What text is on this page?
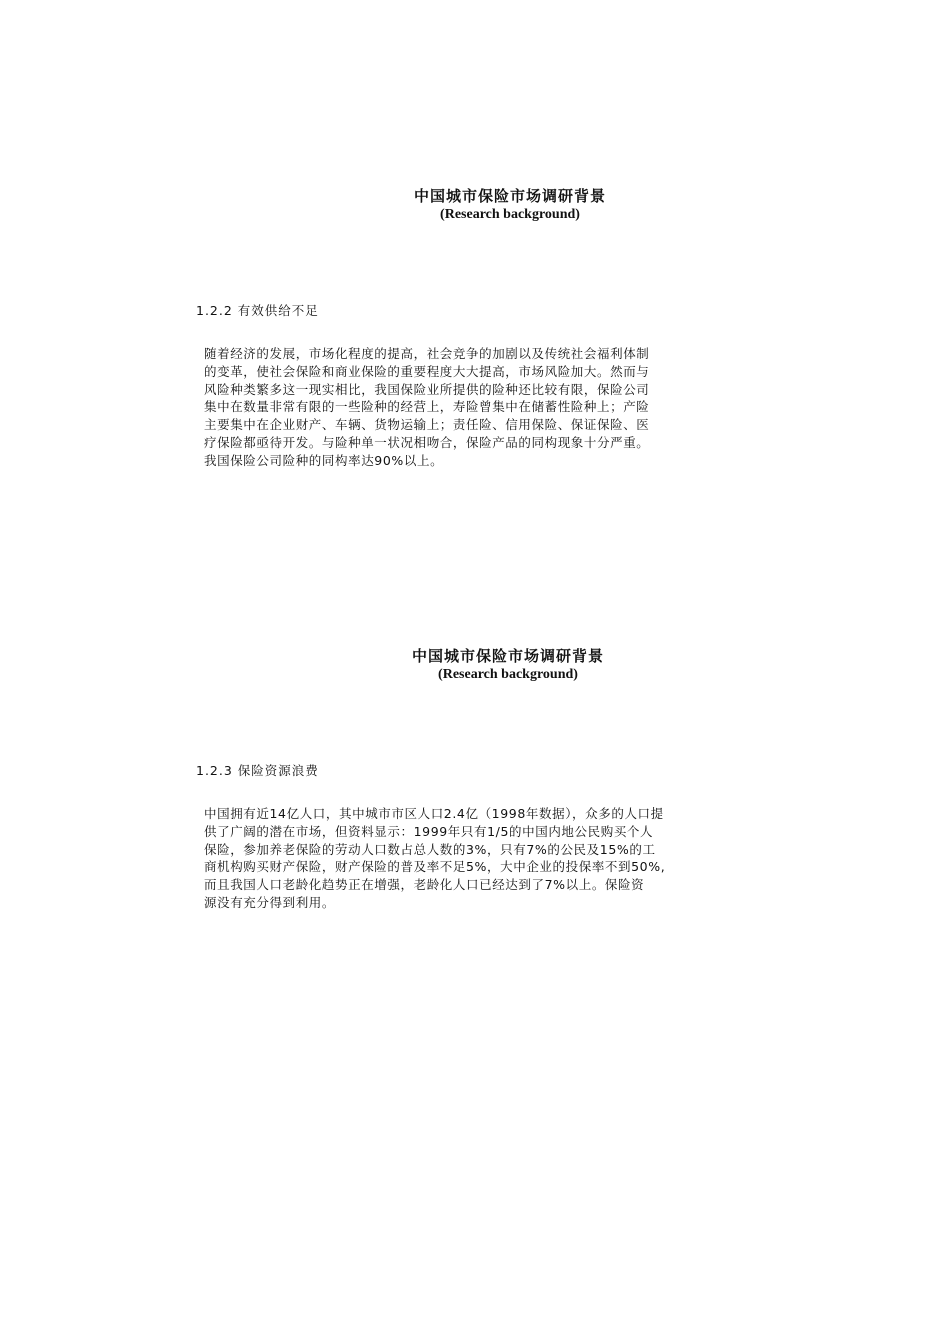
中国城市保险市场调研背景
(Research background)
1.2.2 有效供给不足
随着经济的发展，市场化程度的提高，社会竞争的加剧以及传统社会福利体制
的变革，使社会保险和商业保险的重要程度大大提高，市场风险加大。然而与
风险种类繁多这一现实相比，我国保险业所提供的险种还比较有限，保险公司
集中在数量非常有限的一些险种的经营上，寿险曾集中在储蓄性险种上；产险
主要集中在企业财产、车辆、货物运输上；责任险、信用保险、保证保险、医
疗保险都亟待开发。与险种单一状况相吻合，保险产品的同构现象十分严重。
我国保险公司险种的同构率达90%以上。
中国城市保险市场调研背景
(Research background)
1.2.3 保险资源浪费
中国拥有近14亿人口，其中城市市区人口2.4亿（1998年数据），众多的人口提
供了广阔的潜在市场，但资料显示：1999年只有1/5的中国内地公民购买个人
保险，参加养老保险的劳动人口数占总人数的3%，只有7%的公民及15%的工
商机构购买财产保险，财产保险的普及率不足5%，大中企业的投保率不到50%,
而且我国人口老龄化趋势正在增强，老龄化人口已经达到了7%以上。保险资
源没有充分得到利用。
